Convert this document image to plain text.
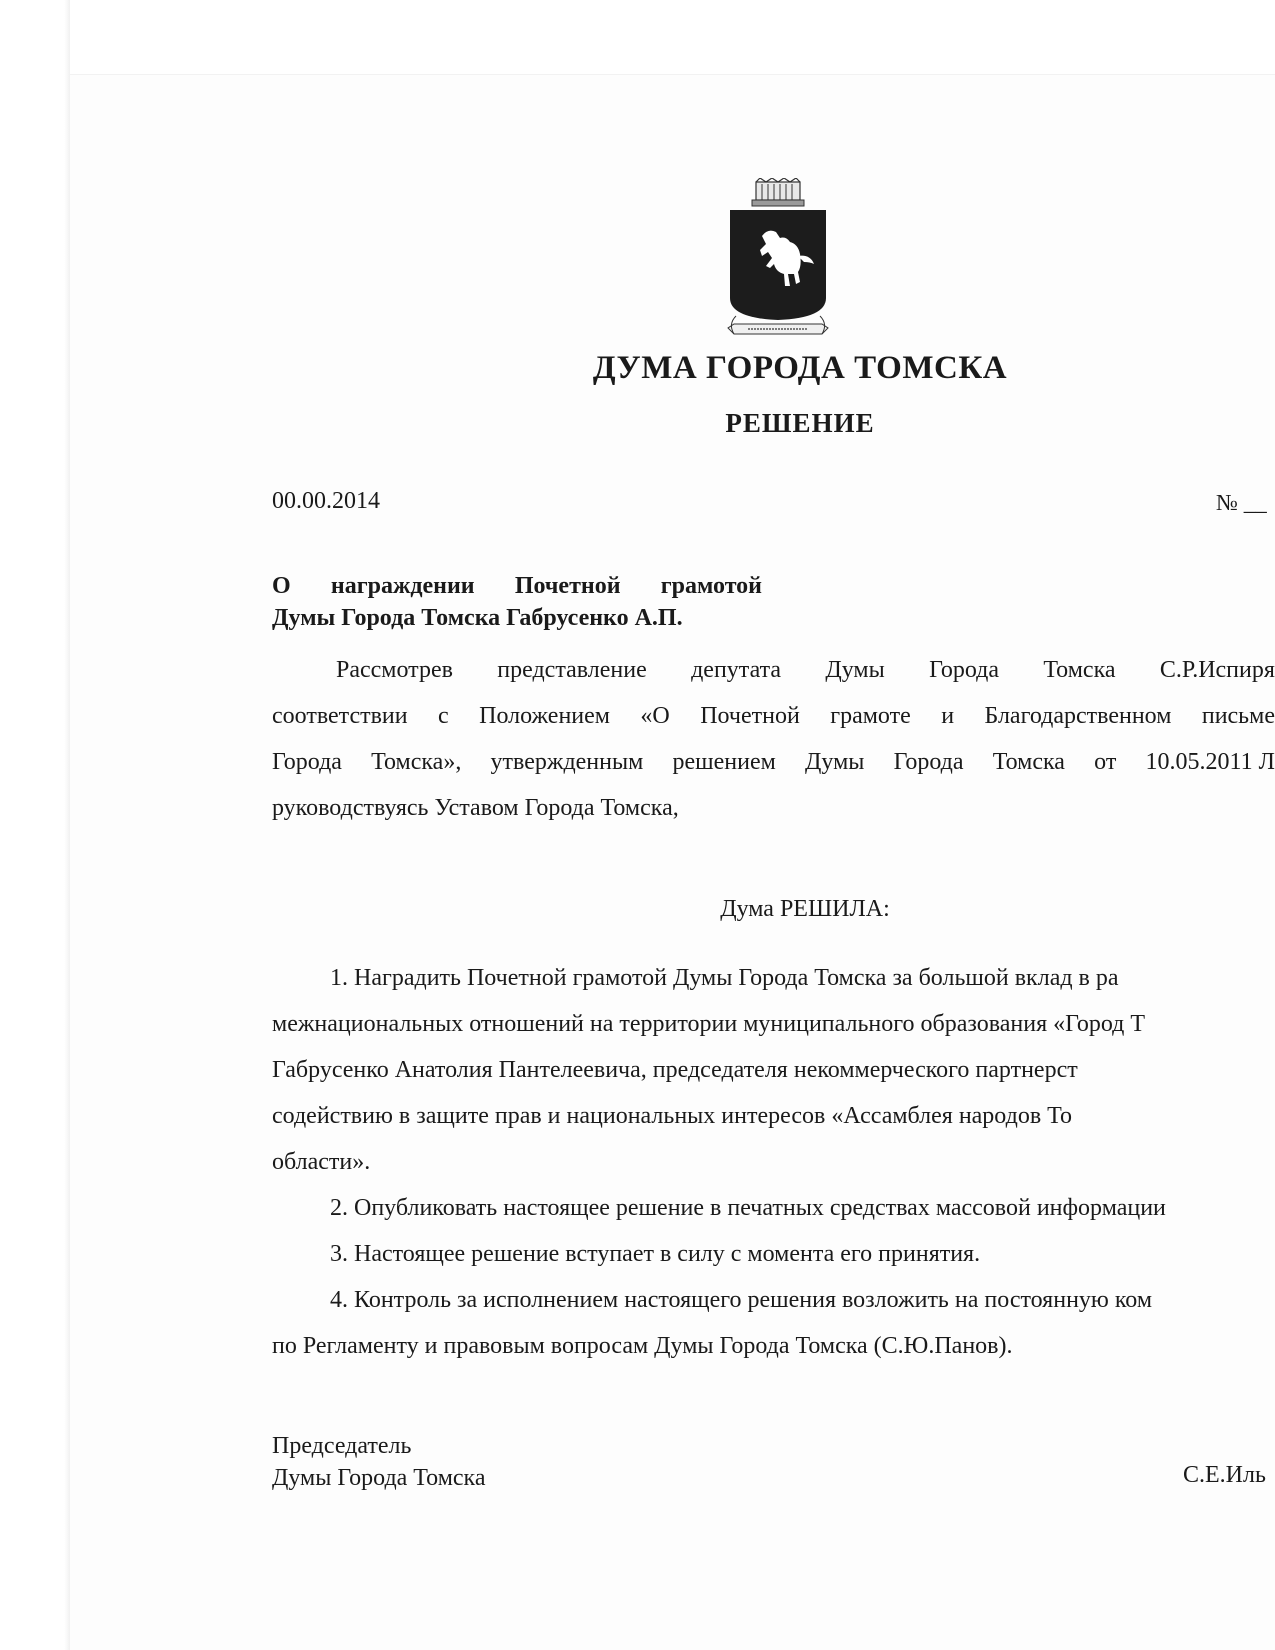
ДУМА ГОРОДА ТОМСКА
РЕШЕНИЕ
00.00.2014	№ __
О награждении Почетной грамотой
Думы Города Томска Габрусенко А.П.
Рассмотрев представление депутата Думы Города Томска С.Р.Испиря
соответствии с Положением «О Почетной грамоте и Благодарственном письме
Города Томска», утвержденным решением Думы Города Томска от 10.05.2011 Л
руководствуясь Уставом Города Томска,
Дума РЕШИЛА:
1. Наградить Почетной грамотой Думы Города Томска за большой вклад в ра
межнациональных отношений на территории муниципального образования «Город Т
Габрусенко Анатолия Пантелеевича, председателя некоммерческого партнерст
содействию в защите прав и национальных интересов «Ассамблея народов То
области».
2. Опубликовать настоящее решение в печатных средствах массовой информации
3. Настоящее решение вступает в силу с момента его принятия.
4. Контроль за исполнением настоящего решения возложить на постоянную ком
по Регламенту и правовым вопросам Думы Города Томска (С.Ю.Панов).
Председатель
Думы Города Томска	С.Е.Иль
